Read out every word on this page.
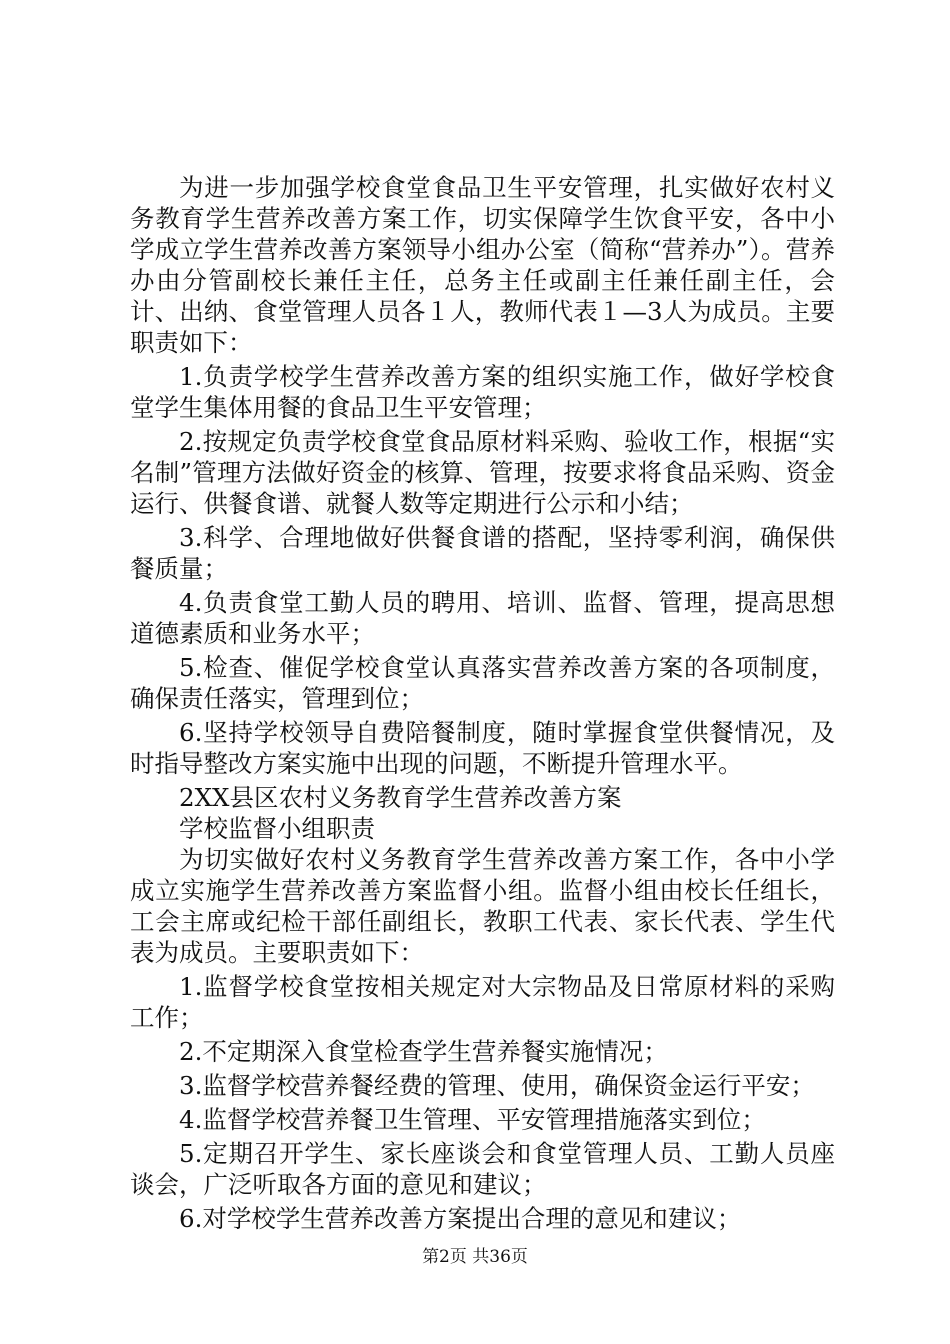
为进一步加强学校食堂食品卫生平安管理，扎实做好农村义务教育学生营养改善方案工作，切实保障学生饮食平安，各中小学成立学生营养改善方案领导小组办公室（简称“营养办”）。营养办由分管副校长兼任主任，总务主任或副主任兼任副主任，会计、出纳、食堂管理人员各１人，教师代表１—3人为成员。主要职责如下：

1.负责学校学生营养改善方案的组织实施工作，做好学校食堂学生集体用餐的食品卫生平安管理；

2.按规定负责学校食堂食品原材料采购、验收工作，根据“实名制”管理方法做好资金的核算、管理，按要求将食品采购、资金运行、供餐食谱、就餐人数等定期进行公示和小结；

3.科学、合理地做好供餐食谱的搭配，坚持零利润，确保供餐质量；

4.负责食堂工勤人员的聘用、培训、监督、管理，提高思想道德素质和业务水平；

5.检查、催促学校食堂认真落实营养改善方案的各项制度，确保责任落实，管理到位；

6.坚持学校领导自费陪餐制度，随时掌握食堂供餐情况，及时指导整改方案实施中出现的问题，不断提升管理水平。

2XX县区农村义务教育学生营养改善方案

学校监督小组职责

为切实做好农村义务教育学生营养改善方案工作，各中小学成立实施学生营养改善方案监督小组。监督小组由校长任组长，工会主席或纪检干部任副组长，教职工代表、家长代表、学生代表为成员。主要职责如下：

1.监督学校食堂按相关规定对大宗物品及日常原材料的采购工作；

2.不定期深入食堂检查学生营养餐实施情况；

3.监督学校营养餐经费的管理、使用，确保资金运行平安；

4.监督学校营养餐卫生管理、平安管理措施落实到位；

5.定期召开学生、家长座谈会和食堂管理人员、工勤人员座谈会，广泛听取各方面的意见和建议；

6.对学校学生营养改善方案提出合理的意见和建议；

第2页 共36页
